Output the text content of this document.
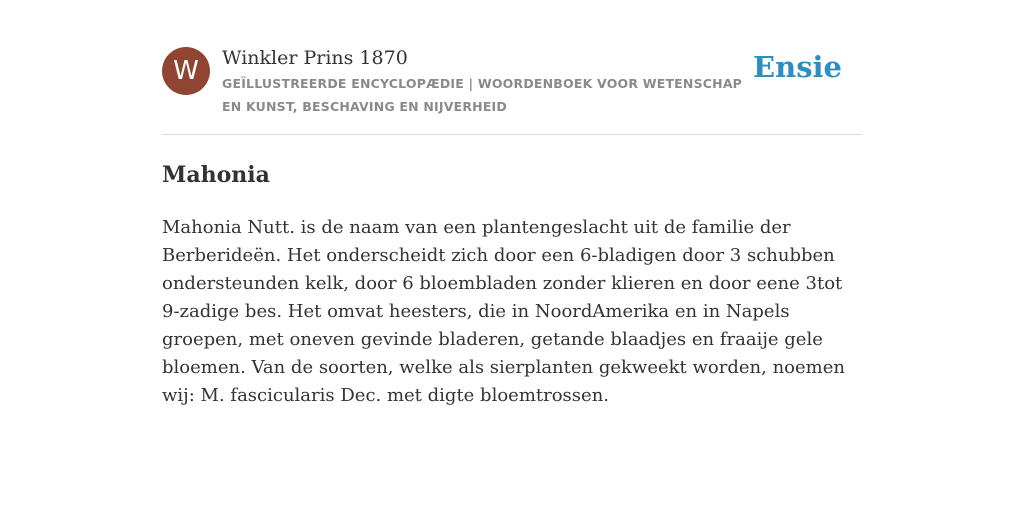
W	Winkler Prins 1870

GEÏLLUSTREERDE ENCYCLOPÆDIE | WOORDENBOEK VOOR WETENSCHAP EN KUNST, BESCHAVING EN NIJVERHEID

Ensie
Mahonia

Mahonia Nutt. is de naam van een plantengeslacht uit de familie der Berberideën. Het onderscheidt zich door een 6-bladigen door 3 schubben ondersteunden kelk, door 6 bloembladen zonder klieren en door eene 3tot 9-zadige bes. Het omvat heesters, die in NoordAmerika en in Napels groepen, met oneven gevinde bladeren, getande blaadjes en fraaije gele bloemen. Van de soorten, welke als sierplanten gekweekt worden, noemen wij: M. fascicularis Dec. met digte bloemtrossen.
